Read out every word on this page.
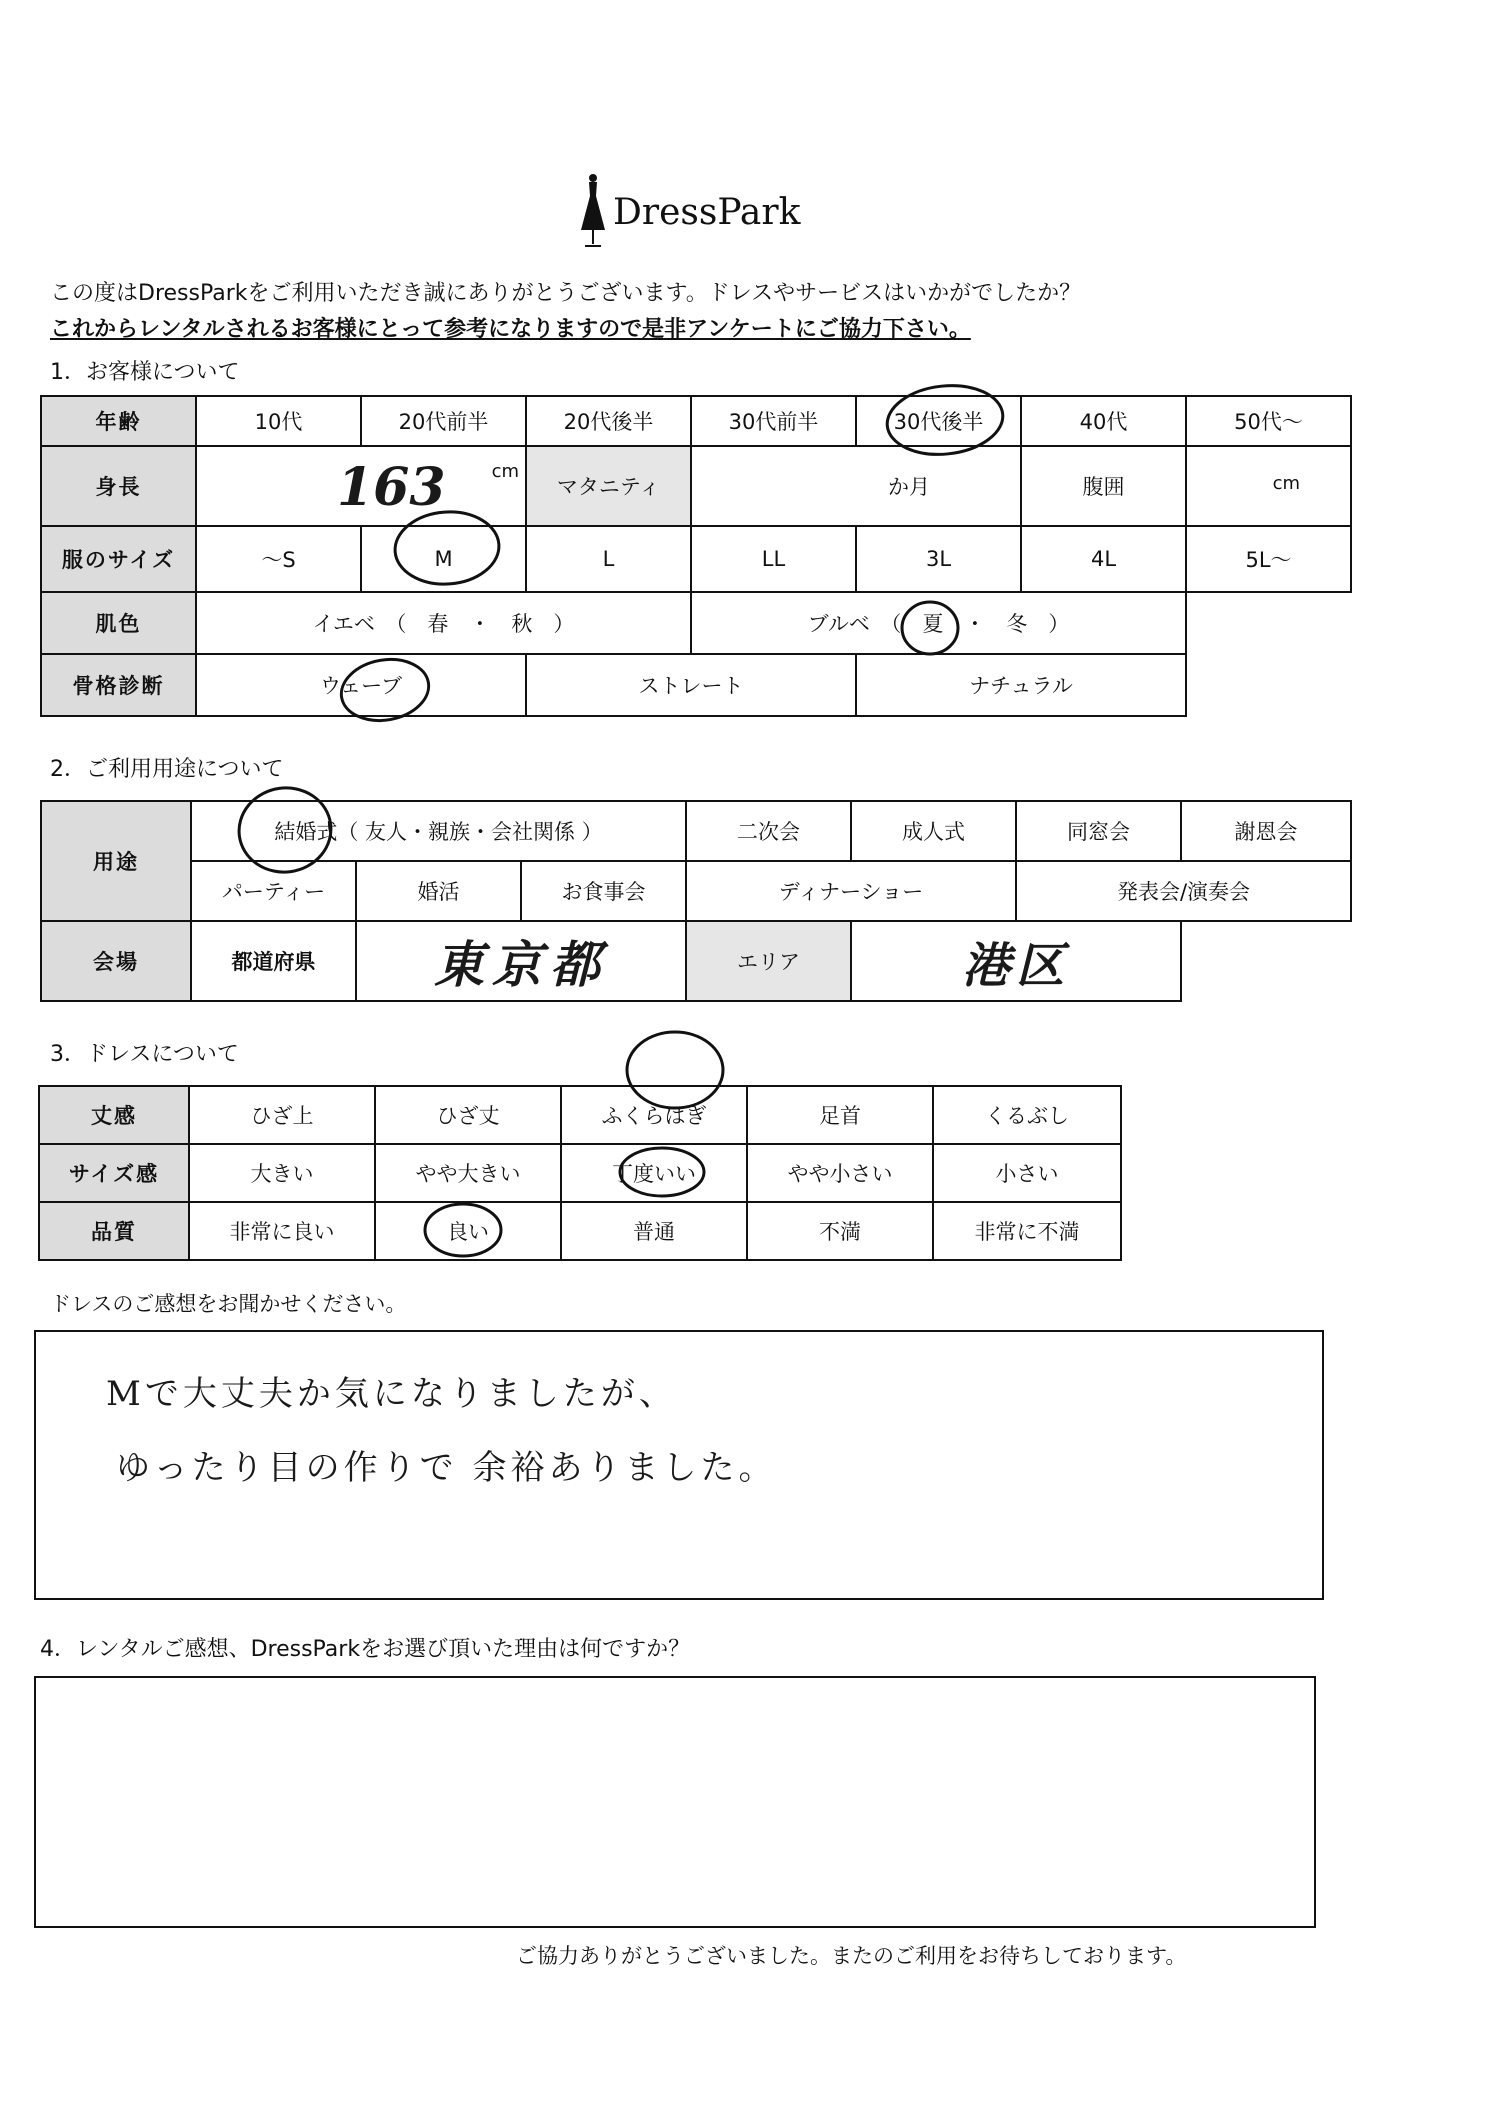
DressPark
この度はDressParkをご利用いただき誠にありがとうございます。ドレスやサービスはいかがでしたか？
これからレンタルされるお客様にとって参考になりますので是非アンケートにご協力下さい。
1．お客様について
年齢	10代	20代前半	20代後半	30代前半	30代後半	40代	50代～
身長	163 cm		マタニティ	か月		腹囲	cm

服のサイズ	～S	M	L	LL	3L	4L	5L～
肌色	イエベ　（　春　・　秋　）			ブルベ　（　夏　・　冬　）			
骨格診断	ウェーブ		ストレート		ナチュラル		
2．ご利用用途について
用途	結婚式（ 友人・親族・会社関係 ）			二次会	成人式	同窓会	謝恩会
	パーティー	婚活	お食事会	ディナーショー		発表会/演奏会	
会場	都道府県	東京都		エリア	港区		
3．ドレスについて
丈感	ひざ上	ひざ丈	ふくらはぎ	足首	くるぶし
サイズ感	大きい	やや大きい	丁度いい	やや小さい	小さい
品質	非常に良い	良い	普通	不満	非常に不満
ドレスのご感想をお聞かせください。
Mで大丈夫か気になりましたが、
ゆったり目の作りで 余裕ありました。
4．レンタルご感想、DressParkをお選び頂いた理由は何ですか？
ご協力ありがとうございました。またのご利用をお待ちしております。
